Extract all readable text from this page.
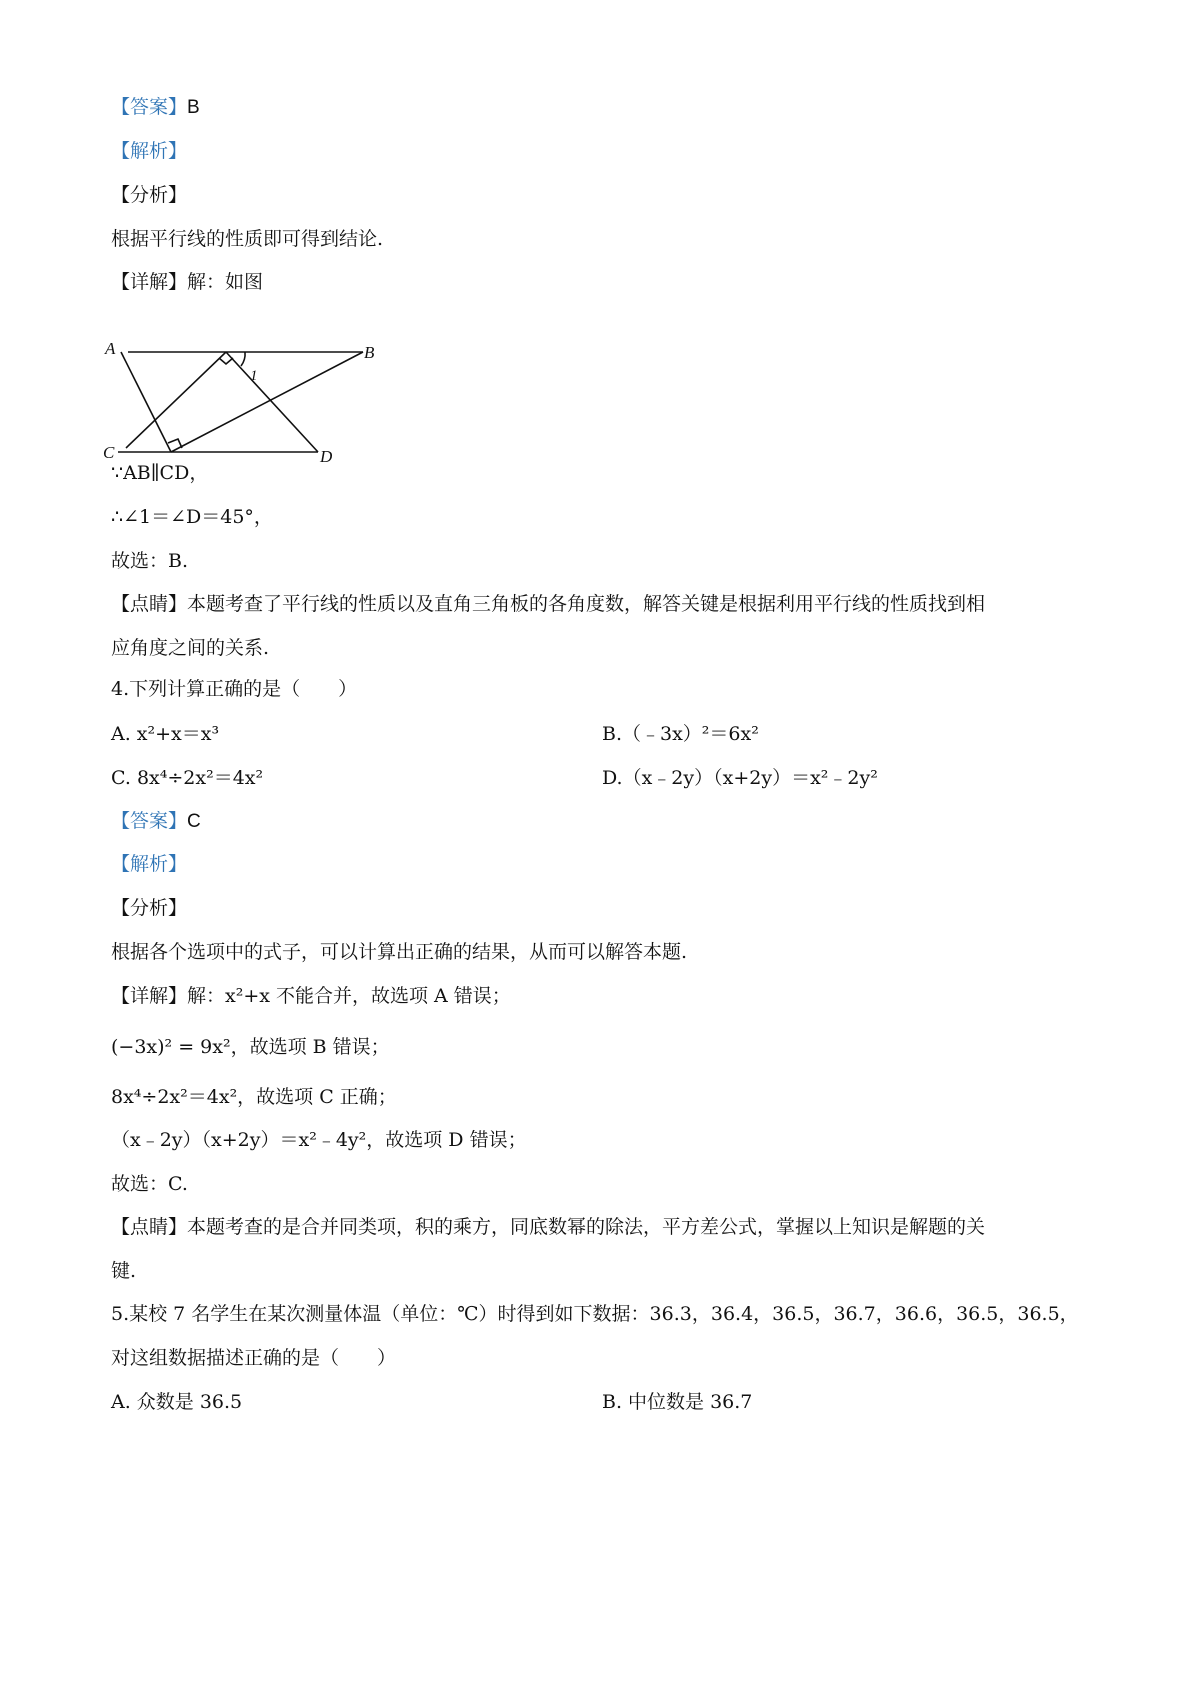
【答案】B
【解析】
【分析】
根据平行线的性质即可得到结论.
【详解】解：如图
A	B
C	D
1
∵AB∥CD，
∴∠1＝∠D＝45°，
故选：B.
【点睛】本题考查了平行线的性质以及直角三角板的各角度数，解答关键是根据利用平行线的性质找到相
应角度之间的关系.
4.下列计算正确的是（　　）
A. x²+x＝x³	B.（﹣3x）²＝6x²
C. 8x⁴÷2x²＝4x²	D.（x﹣2y）（x+2y）＝x²﹣2y²
【答案】C
【解析】
【分析】
根据各个选项中的式子，可以计算出正确的结果，从而可以解答本题.
【详解】解：x²+x 不能合并，故选项 A 错误；
(−3x)² = 9x²，故选项 B 错误；
8x⁴÷2x²＝4x²，故选项 C 正确；
（x﹣2y）（x+2y）＝x²﹣4y²，故选项 D 错误；
故选：C.
【点睛】本题考查的是合并同类项，积的乘方，同底数幂的除法，平方差公式，掌握以上知识是解题的关
键.
5.某校 7 名学生在某次测量体温（单位：℃）时得到如下数据：36.3，36.4，36.5，36.7，36.6，36.5，36.5，
对这组数据描述正确的是（　　）
A. 众数是 36.5	B. 中位数是 36.7
